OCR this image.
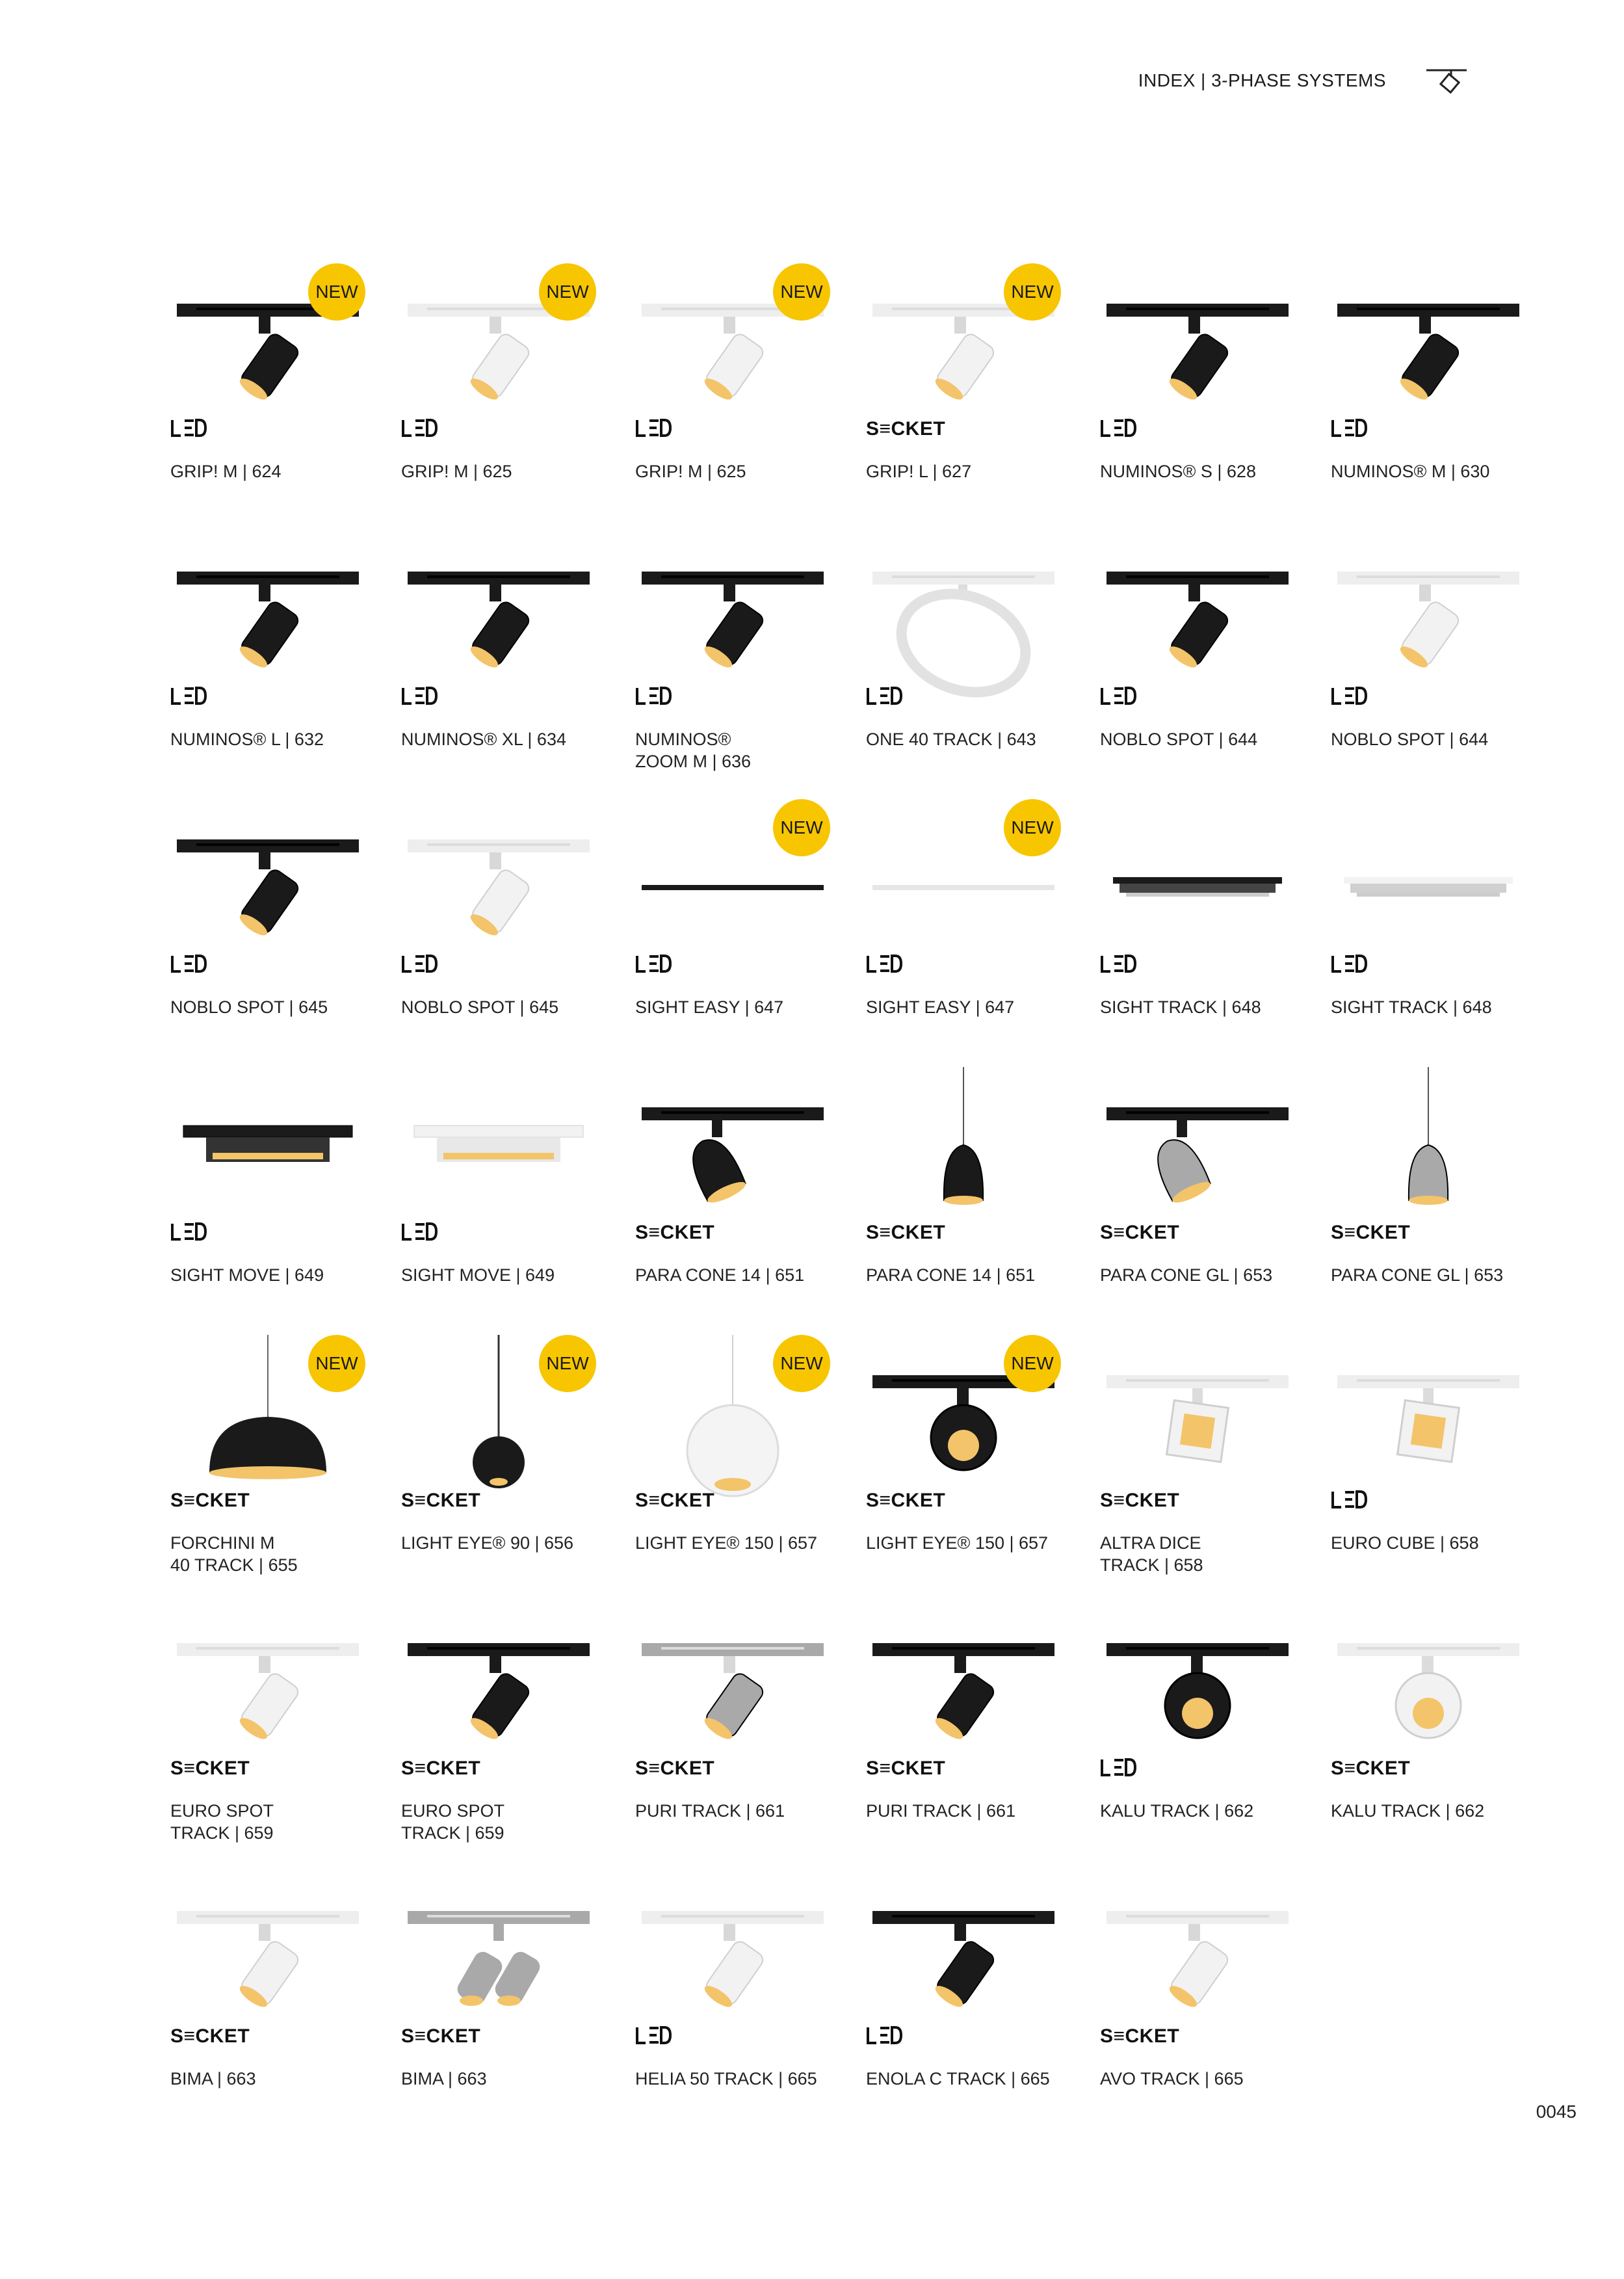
INDEX | 3-PHASE SYSTEMS
NEW
GRIP! M | 624
NEW
GRIP! M | 625
NEW
GRIP! M | 625
NEW
S≡CKET
GRIP! L | 627	NUMINOS® S | 628	NUMINOS® M | 630
NUMINOS® L | 632	NUMINOS® XL | 634	NUMINOS®
ZOOM M | 636
ONE 40 TRACK | 643	NOBLO SPOT | 644	NOBLO SPOT | 644
NOBLO SPOT | 645	NOBLO SPOT | 645
NEW
SIGHT EASY | 647
NEW
SIGHT EASY | 647	SIGHT TRACK | 648	SIGHT TRACK | 648
SIGHT MOVE | 649	SIGHT MOVE | 649
S≡CKET
PARA CONE 14 | 651
S≡CKET
PARA CONE 14 | 651
S≡CKET
PARA CONE GL | 653
S≡CKET
PARA CONE GL | 653
NEW
S≡CKET
FORCHINI M
40 TRACK | 655
NEW
S≡CKET
LIGHT EYE® 90 | 656
NEW
S≡CKET
LIGHT EYE® 150 | 657
NEW
S≡CKET
LIGHT EYE® 150 | 657
S≡CKET
ALTRA DICE
TRACK | 658
EURO CUBE | 658
S≡CKET
EURO SPOT
TRACK | 659
S≡CKET
EURO SPOT
TRACK | 659
S≡CKET
PURI TRACK | 661
S≡CKET
PURI TRACK | 661	KALU TRACK | 662
S≡CKET
KALU TRACK | 662
S≡CKET
BIMA | 663
S≡CKET
BIMA | 663	HELIA 50 TRACK | 665	ENOLA C TRACK | 665
S≡CKET
AVO TRACK | 665
0045
